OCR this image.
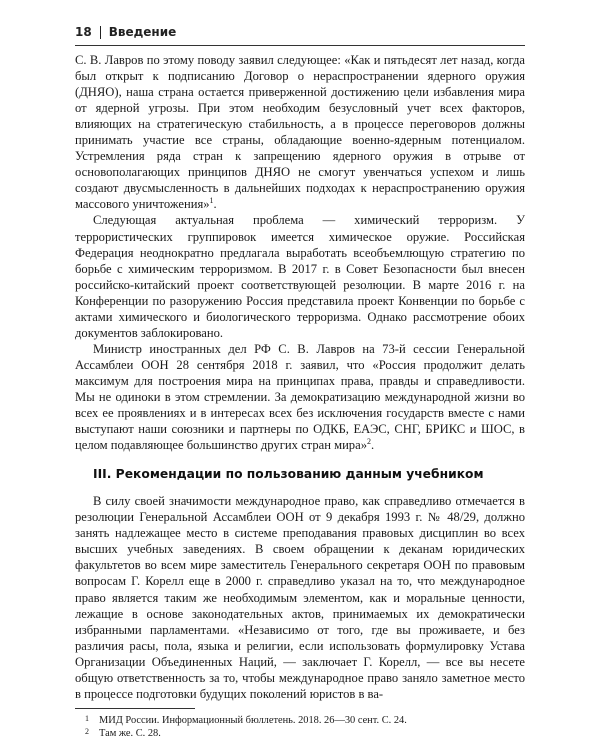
18 Введение

С. В. Лавров по этому поводу заявил следующее: «Как и пятьдесят лет назад, когда был открыт к подписанию Договор о нераспространении ядерного оружия (ДНЯО), наша страна остается приверженной достижению цели избавления мира от ядерной угрозы. При этом необходим безусловный учет всех факторов, влияющих на стратегическую стабильность, а в процессе переговоров должны принимать участие все страны, обладающие военно-ядерным потенциалом. Устремления ряда стран к запрещению ядерного оружия в отрыве от основополагающих принципов ДНЯО не смогут увенчаться успехом и лишь создают двусмысленность в дальнейших подходах к нераспространению оружия массового уничтожения»$^1$.

Следующая актуальная проблема — химический терроризм. У террористических группировок имеется химическое оружие. Российская Федерация неоднократно предлагала выработать всеобъемлющую стратегию по борьбе с химическим терроризмом. В 2017 г. в Совет Безопасности был внесен российско-китайский проект соответствующей резолюции. В марте 2016 г. на Конференции по разоружению Россия представила проект Конвенции по борьбе с актами химического и биологического терроризма. Однако рассмотрение обоих документов заблокировано.

Министр иностранных дел РФ С. В. Лавров на 73-й сессии Генеральной Ассамблеи ООН 28 сентября 2018 г. заявил, что «Россия продолжит делать максимум для построения мира на принципах права, правды и справедливости. Мы не одиноки в этом стремлении. За демократизацию международной жизни во всех ее проявлениях и в интересах всех без исключения государств вместе с нами выступают наши союзники и партнеры по ОДКБ, ЕАЭС, СНГ, БРИКС и ШОС, в целом подавляющее большинство других стран мира»$^2$.

III. Рекомендации по пользованию данным учебником

В силу своей значимости международное право, как справедливо отмечается в резолюции Генеральной Ассамблеи ООН от 9 декабря 1993 г. № 48/29, должно занять надлежащее место в системе преподавания правовых дисциплин во всех высших учебных заведениях. В своем обращении к деканам юридических факультетов во всем мире заместитель Генерального секретаря ООН по правовым вопросам Г. Корелл еще в 2000 г. справедливо указал на то, что международное право является таким же необходимым элементом, как и моральные ценности, лежащие в основе законодательных актов, принимаемых их демократически избранными парламентами. «Независимо от того, где вы проживаете, и без различия расы, пола, языка и религии, если использовать формулировку Устава Организации Объединенных Наций, — заключает Г. Корелл, — все вы несете общую ответственность за то, чтобы международное право заняло заметное место в процессе подготовки будущих поколений юристов в ва-

1 МИД России. Информационный бюллетень. 2018. 26—30 сент. С. 24.
2 Там же. С. 28.
